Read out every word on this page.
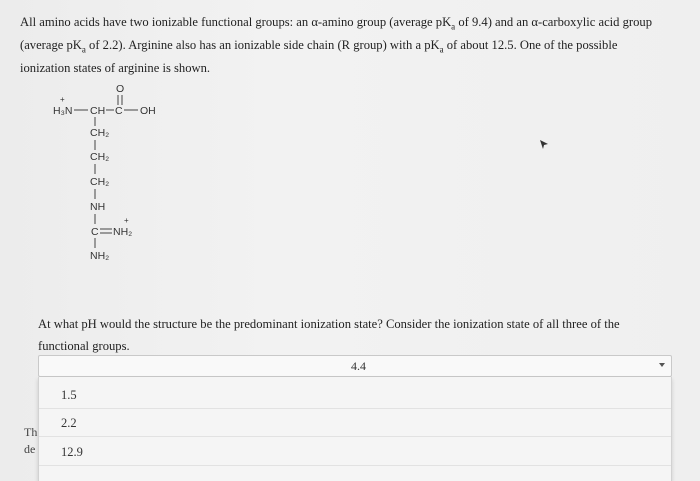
All amino acids have two ionizable functional groups: an α-amino group (average $pK_a$ of 9.4) and an α-carboxylic acid group
(average $pK_a$ of 2.2). Arginine also has an ionizable side chain (R group) with a $pK_a$ of about 12.5. One of the possible
ionization states of arginine is shown.
O
+
H₃N CH C OH
CH₂
CH₂
CH₂
NH
C
+
NH₂
NH₂
At what pH would the structure be the predominant ionization state? Consider the ionization state of all three of the
functional groups.
Th
de
4.4
1.5
2.2
12.9
